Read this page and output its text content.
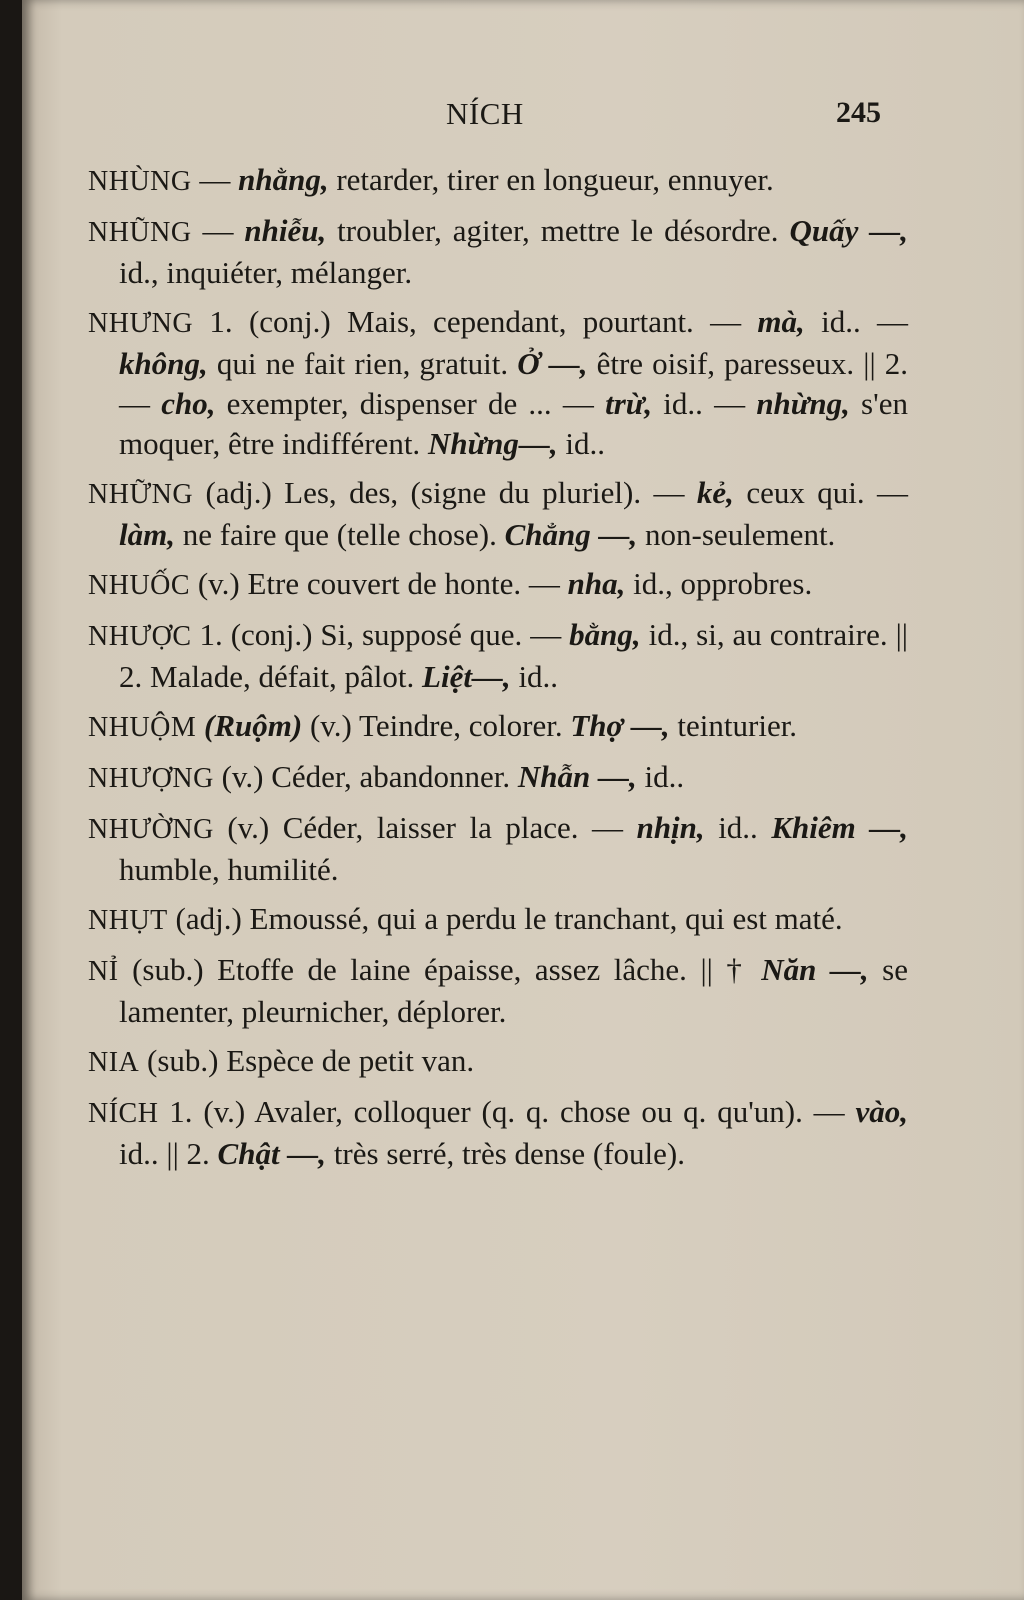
NÍCH	245

NHÙNG — nhằng, retarder, tirer en longueur, ennuyer.

NHŨNG — nhiễu, troubler, agiter, mettre le désordre. Quấy —, id., inquiéter, mélanger.

NHƯNG 1. (conj.) Mais, cependant, pourtant. — mà, id.. — không, qui ne fait rien, gratuit. Ở —, être oisif, paresseux. || 2. — cho, exempter, dispenser de ... — trừ, id.. — nhừng, s'en moquer, être indifférent. Nhừng—, id..

NHỮNG (adj.) Les, des, (signe du pluriel). — kẻ, ceux qui. — làm, ne faire que (telle chose). Chẳng —, non-seulement.

NHUỐC (v.) Etre couvert de honte. — nha, id., opprobres.

NHƯỢC 1. (conj.) Si, supposé que. — bằng, id., si, au contraire. || 2. Malade, défait, pâlot. Liệt—, id..

NHUỘM (Ruộm) (v.) Teindre, colorer. Thợ —, teinturier.

NHƯỢNG (v.) Céder, abandonner. Nhẫn —, id..

NHƯỜNG (v.) Céder, laisser la place. — nhịn, id.. Khiêm —, humble, humilité.

NHỤT (adj.) Emoussé, qui a perdu le tranchant, qui est maté.

NỈ (sub.) Etoffe de laine épaisse, assez lâche. || † Năn —, se lamenter, pleurnicher, déplorer.

NIA (sub.) Espèce de petit van.

NÍCH 1. (v.) Avaler, colloquer (q. q. chose ou q. qu'un). — vào, id.. || 2. Chật —, très serré, très dense (foule).
